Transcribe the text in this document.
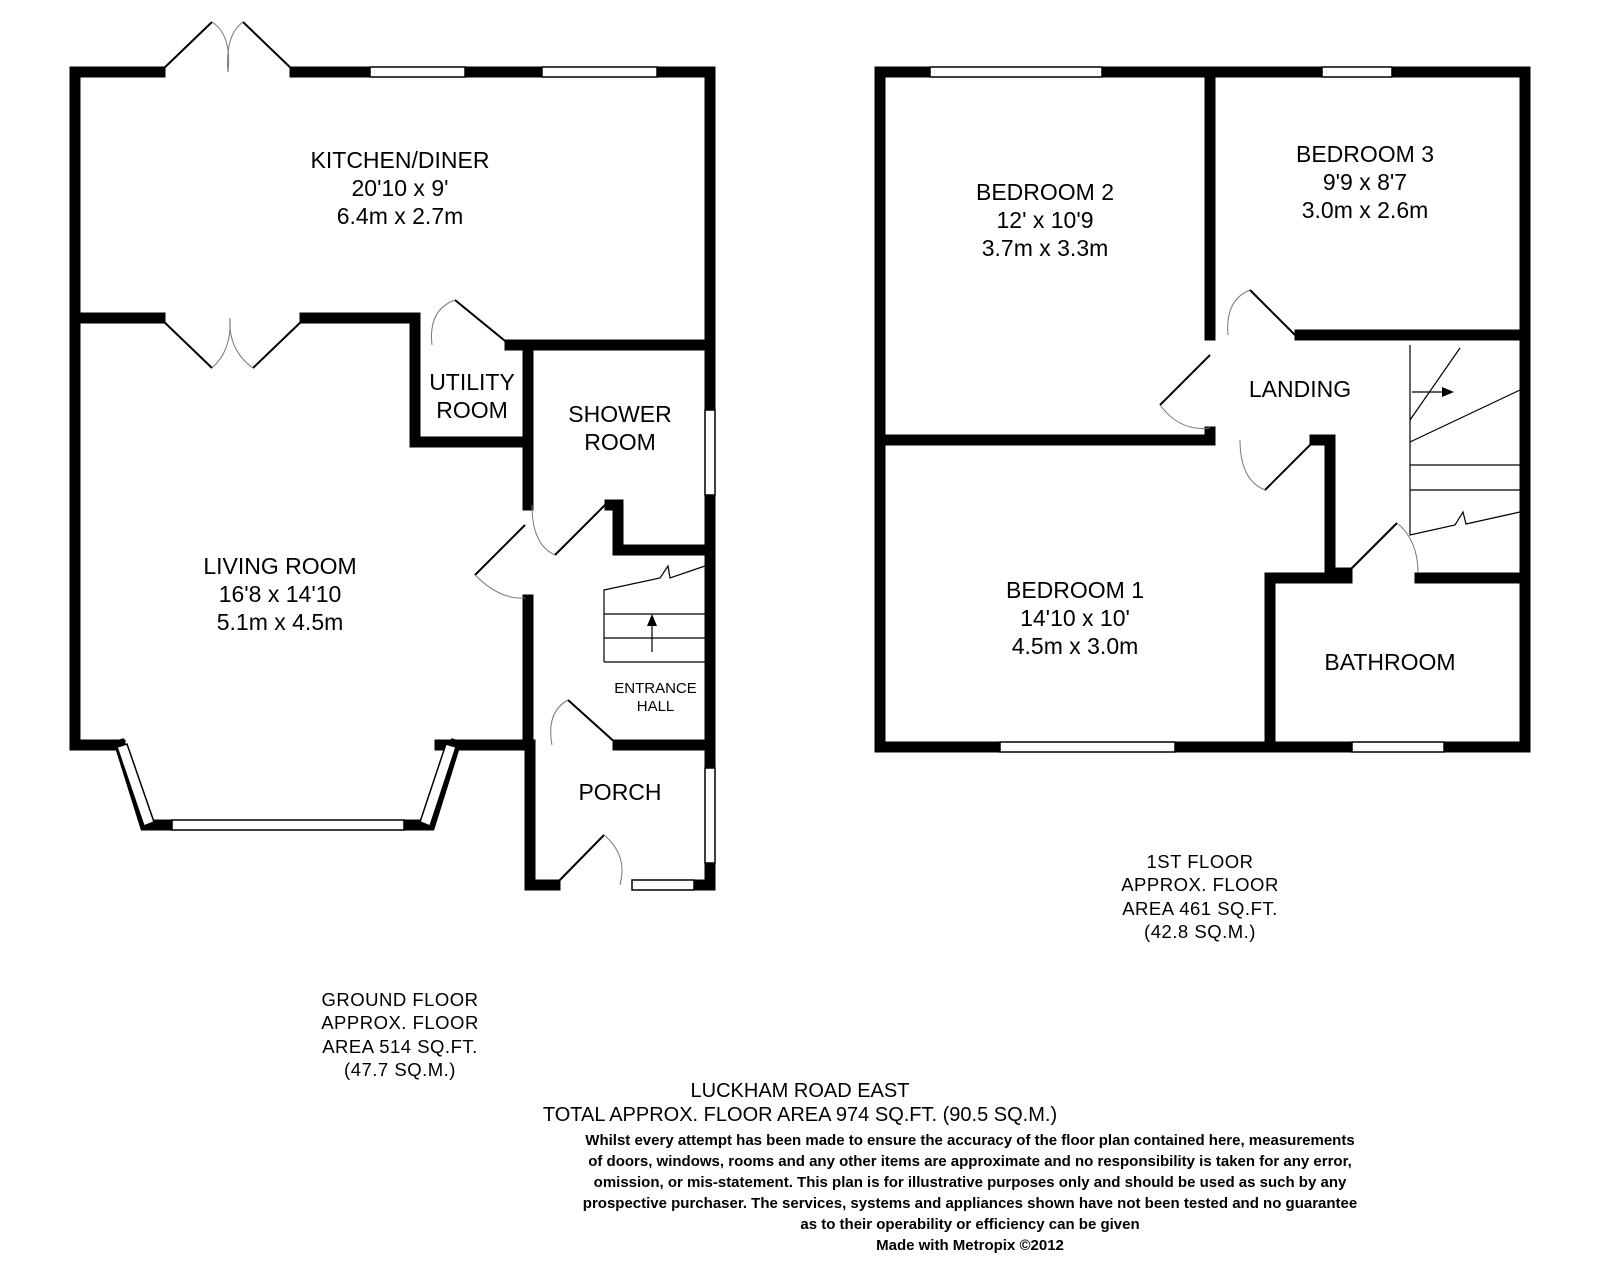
KITCHEN/DINER
20'10 x 9'
6.4m x 2.7m
UTILITY
ROOM	SHOWER
ROOM
LIVING ROOM
16'8 x 14'10
5.1m x 4.5m
ENTRANCE
HALL
PORCH
BEDROOM 2
12' x 10'9
3.7m x 3.3m
BEDROOM 3
9'9 x 8'7
3.0m x 2.6m
LANDING
BEDROOM 1
14'10 x 10'
4.5m x 3.0m
BATHROOM
GROUND FLOOR
APPROX. FLOOR
AREA 514 SQ.FT.
(47.7 SQ.M.)
1ST FLOOR
APPROX. FLOOR
AREA 461 SQ.FT.
(42.8 SQ.M.)
LUCKHAM ROAD EAST
TOTAL APPROX. FLOOR AREA 974 SQ.FT. (90.5 SQ.M.)
Whilst every attempt has been made to ensure the accuracy of the floor plan contained here, measurements
of doors, windows, rooms and any other items are approximate and no responsibility is taken for any error,
omission, or mis-statement. This plan is for illustrative purposes only and should be used as such by any
prospective purchaser. The services, systems and appliances shown have not been tested and no guarantee
as to their operability or efficiency can be given
Made with Metropix ©2012
